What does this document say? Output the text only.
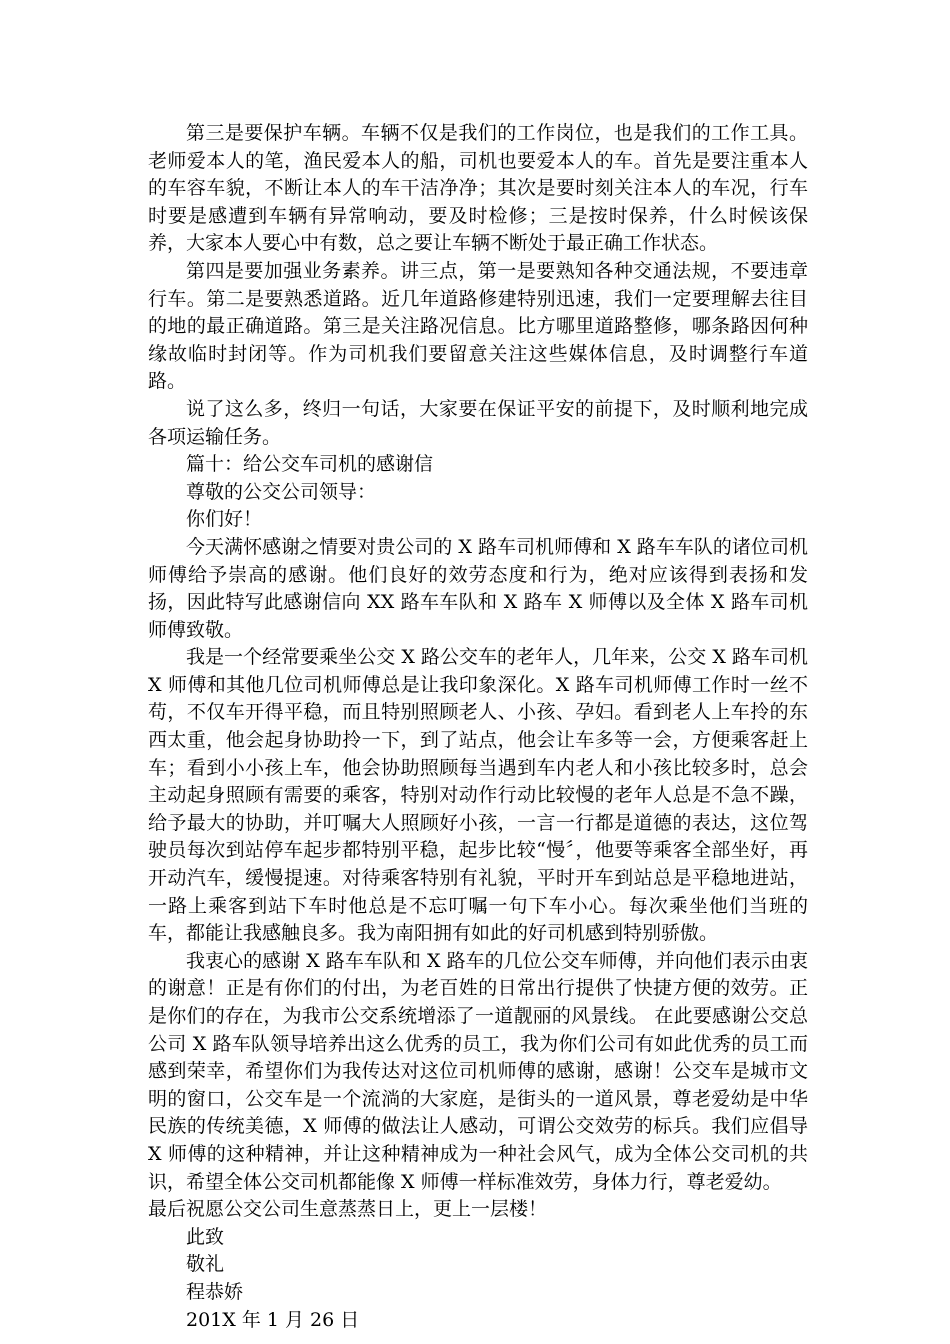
第三是要保护车辆。车辆不仅是我们的工作岗位，也是我们的工作工具。老师爱本人的笔，渔民爱本人的船，司机也要爱本人的车。首先是要注重本人的车容车貌，不断让本人的车干洁净净；其次是要时刻关注本人的车况，行车时要是感遭到车辆有异常响动，要及时检修；三是按时保养，什么时候该保养，大家本人要心中有数，总之要让车辆不断处于最正确工作状态。

第四是要加强业务素养。讲三点，第一是要熟知各种交通法规，不要违章行车。第二是要熟悉道路。近几年道路修建特别迅速，我们一定要理解去往目的地的最正确道路。第三是关注路况信息。比方哪里道路整修，哪条路因何种缘故临时封闭等。作为司机我们要留意关注这些媒体信息，及时调整行车道路。

说了这么多，终归一句话，大家要在保证平安的前提下，及时顺利地完成各项运输任务。

篇十：给公交车司机的感谢信

尊敬的公交公司领导：

你们好！

今天满怀感谢之情要对贵公司的 X 路车司机师傅和 X 路车车队的诸位司机师傅给予崇高的感谢。他们良好的效劳态度和行为，绝对应该得到表扬和发扬，因此特写此感谢信向 XX 路车车队和 X 路车 X 师傅以及全体 X 路车司机师傅致敬。

我是一个经常要乘坐公交 X 路公交车的老年人，几年来，公交 X 路车司机 X 师傅和其他几位司机师傅总是让我印象深化。X 路车司机师傅工作时一丝不苟，不仅车开得平稳，而且特别照顾老人、小孩、孕妇。看到老人上车拎的东西太重，他会起身协助拎一下，到了站点，他会让车多等一会，方便乘客赶上车；看到小小孩上车，他会协助照顾每当遇到车内老人和小孩比较多时，总会主动起身照顾有需要的乘客，特别对动作行动比较慢的老年人总是不急不躁，给予最大的协助，并叮嘱大人照顾好小孩，一言一行都是道德的表达，这位驾驶员每次到站停车起步都特别平稳，起步比较“慢〞，他要等乘客全部坐好，再开动汽车，缓慢提速。对待乘客特别有礼貌，平时开车到站总是平稳地进站，一路上乘客到站下车时他总是不忘叮嘱一句下车小心。每次乘坐他们当班的车，都能让我感触良多。我为南阳拥有如此的好司机感到特别骄傲。

我衷心的感谢 X 路车车队和 X 路车的几位公交车师傅，并向他们表示由衷的谢意！正是有你们的付出，为老百姓的日常出行提供了快捷方便的效劳。正是你们的存在，为我市公交系统增添了一道靓丽的风景线。 在此要感谢公交总公司 X 路车队领导培养出这么优秀的员工，我为你们公司有如此优秀的员工而感到荣幸，希望你们为我传达对这位司机师傅的感谢，感谢！公交车是城市文明的窗口，公交车是一个流淌的大家庭，是街头的一道风景，尊老爱幼是中华民族的传统美德，X 师傅的做法让人感动，可谓公交效劳的标兵。我们应倡导 X 师傅的这种精神，并让这种精神成为一种社会风气，成为全体公交司机的共识，希望全体公交司机都能像 X 师傅一样标准效劳，身体力行，尊老爱幼。

最后祝愿公交公司生意蒸蒸日上，更上一层楼！

此致

敬礼

程恭娇

201X 年 1 月 26 日
